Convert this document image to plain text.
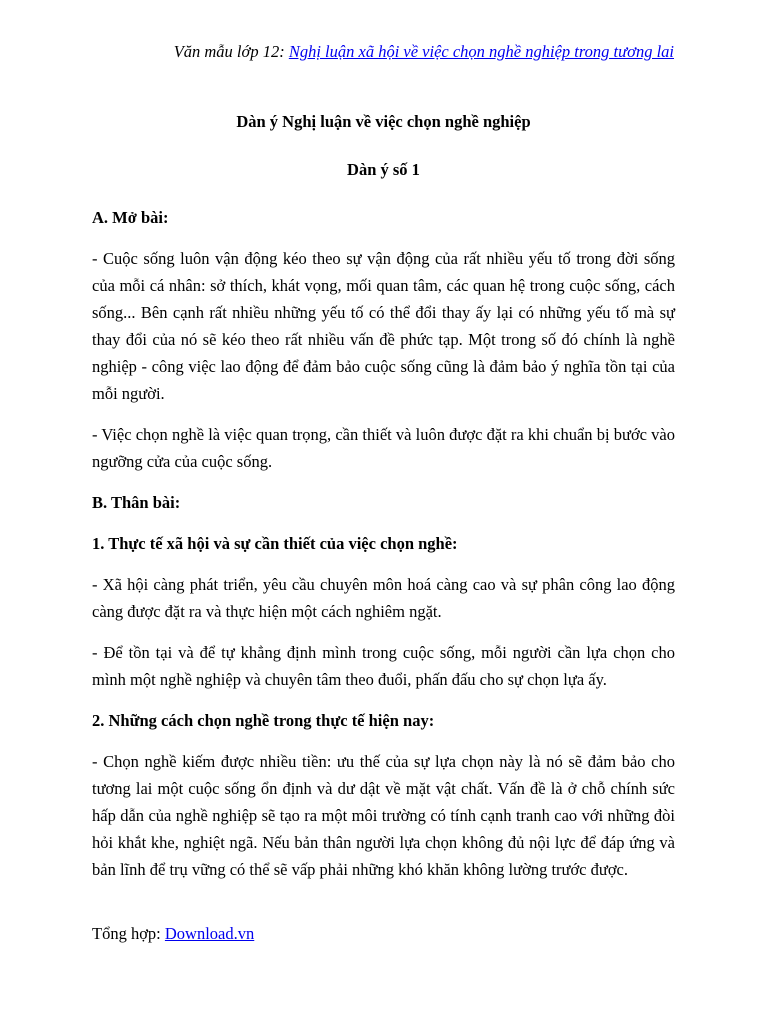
Văn mẫu lớp 12: Nghị luận xã hội về việc chọn nghề nghiệp trong tương lai

Dàn ý Nghị luận về việc chọn nghề nghiệp

Dàn ý số 1

A. Mở bài:

- Cuộc sống luôn vận động kéo theo sự vận động của rất nhiều yếu tố trong đời sống của mỗi cá nhân: sở thích, khát vọng, mối quan tâm, các quan hệ trong cuộc sống, cách sống... Bên cạnh rất nhiều những yếu tố có thể đổi thay ấy lại có những yếu tố mà sự thay đổi của nó sẽ kéo theo rất nhiều vấn đề phức tạp. Một trong số đó chính là nghề nghiệp - công việc lao động để đảm bảo cuộc sống cũng là đảm bảo ý nghĩa tồn tại của mỗi người.

- Việc chọn nghề là việc quan trọng, cần thiết và luôn được đặt ra khi chuẩn bị bước vào ngưỡng cửa của cuộc sống.

B. Thân bài:

1. Thực tế xã hội và sự cần thiết của việc chọn nghề:

- Xã hội càng phát triển, yêu cầu chuyên môn hoá càng cao và sự phân công lao động càng được đặt ra và thực hiện một cách nghiêm ngặt.

- Để tồn tại và để tự khẳng định mình trong cuộc sống, mỗi người cần lựa chọn cho mình một nghề nghiệp và chuyên tâm theo đuổi, phấn đấu cho sự chọn lựa ấy.

2. Những cách chọn nghề trong thực tế hiện nay:

- Chọn nghề kiếm được nhiều tiền: ưu thế của sự lựa chọn này là nó sẽ đảm bảo cho tương lai một cuộc sống ổn định và dư dật về mặt vật chất. Vấn đề là ở chỗ chính sức hấp dẫn của nghề nghiệp sẽ tạo ra một môi trường có tính cạnh tranh cao với những đòi hỏi khắt khe, nghiệt ngã. Nếu bản thân người lựa chọn không đủ nội lực để đáp ứng và bản lĩnh để trụ vững có thể sẽ vấp phải những khó khăn không lường trước được.

Tổng hợp: Download.vn
